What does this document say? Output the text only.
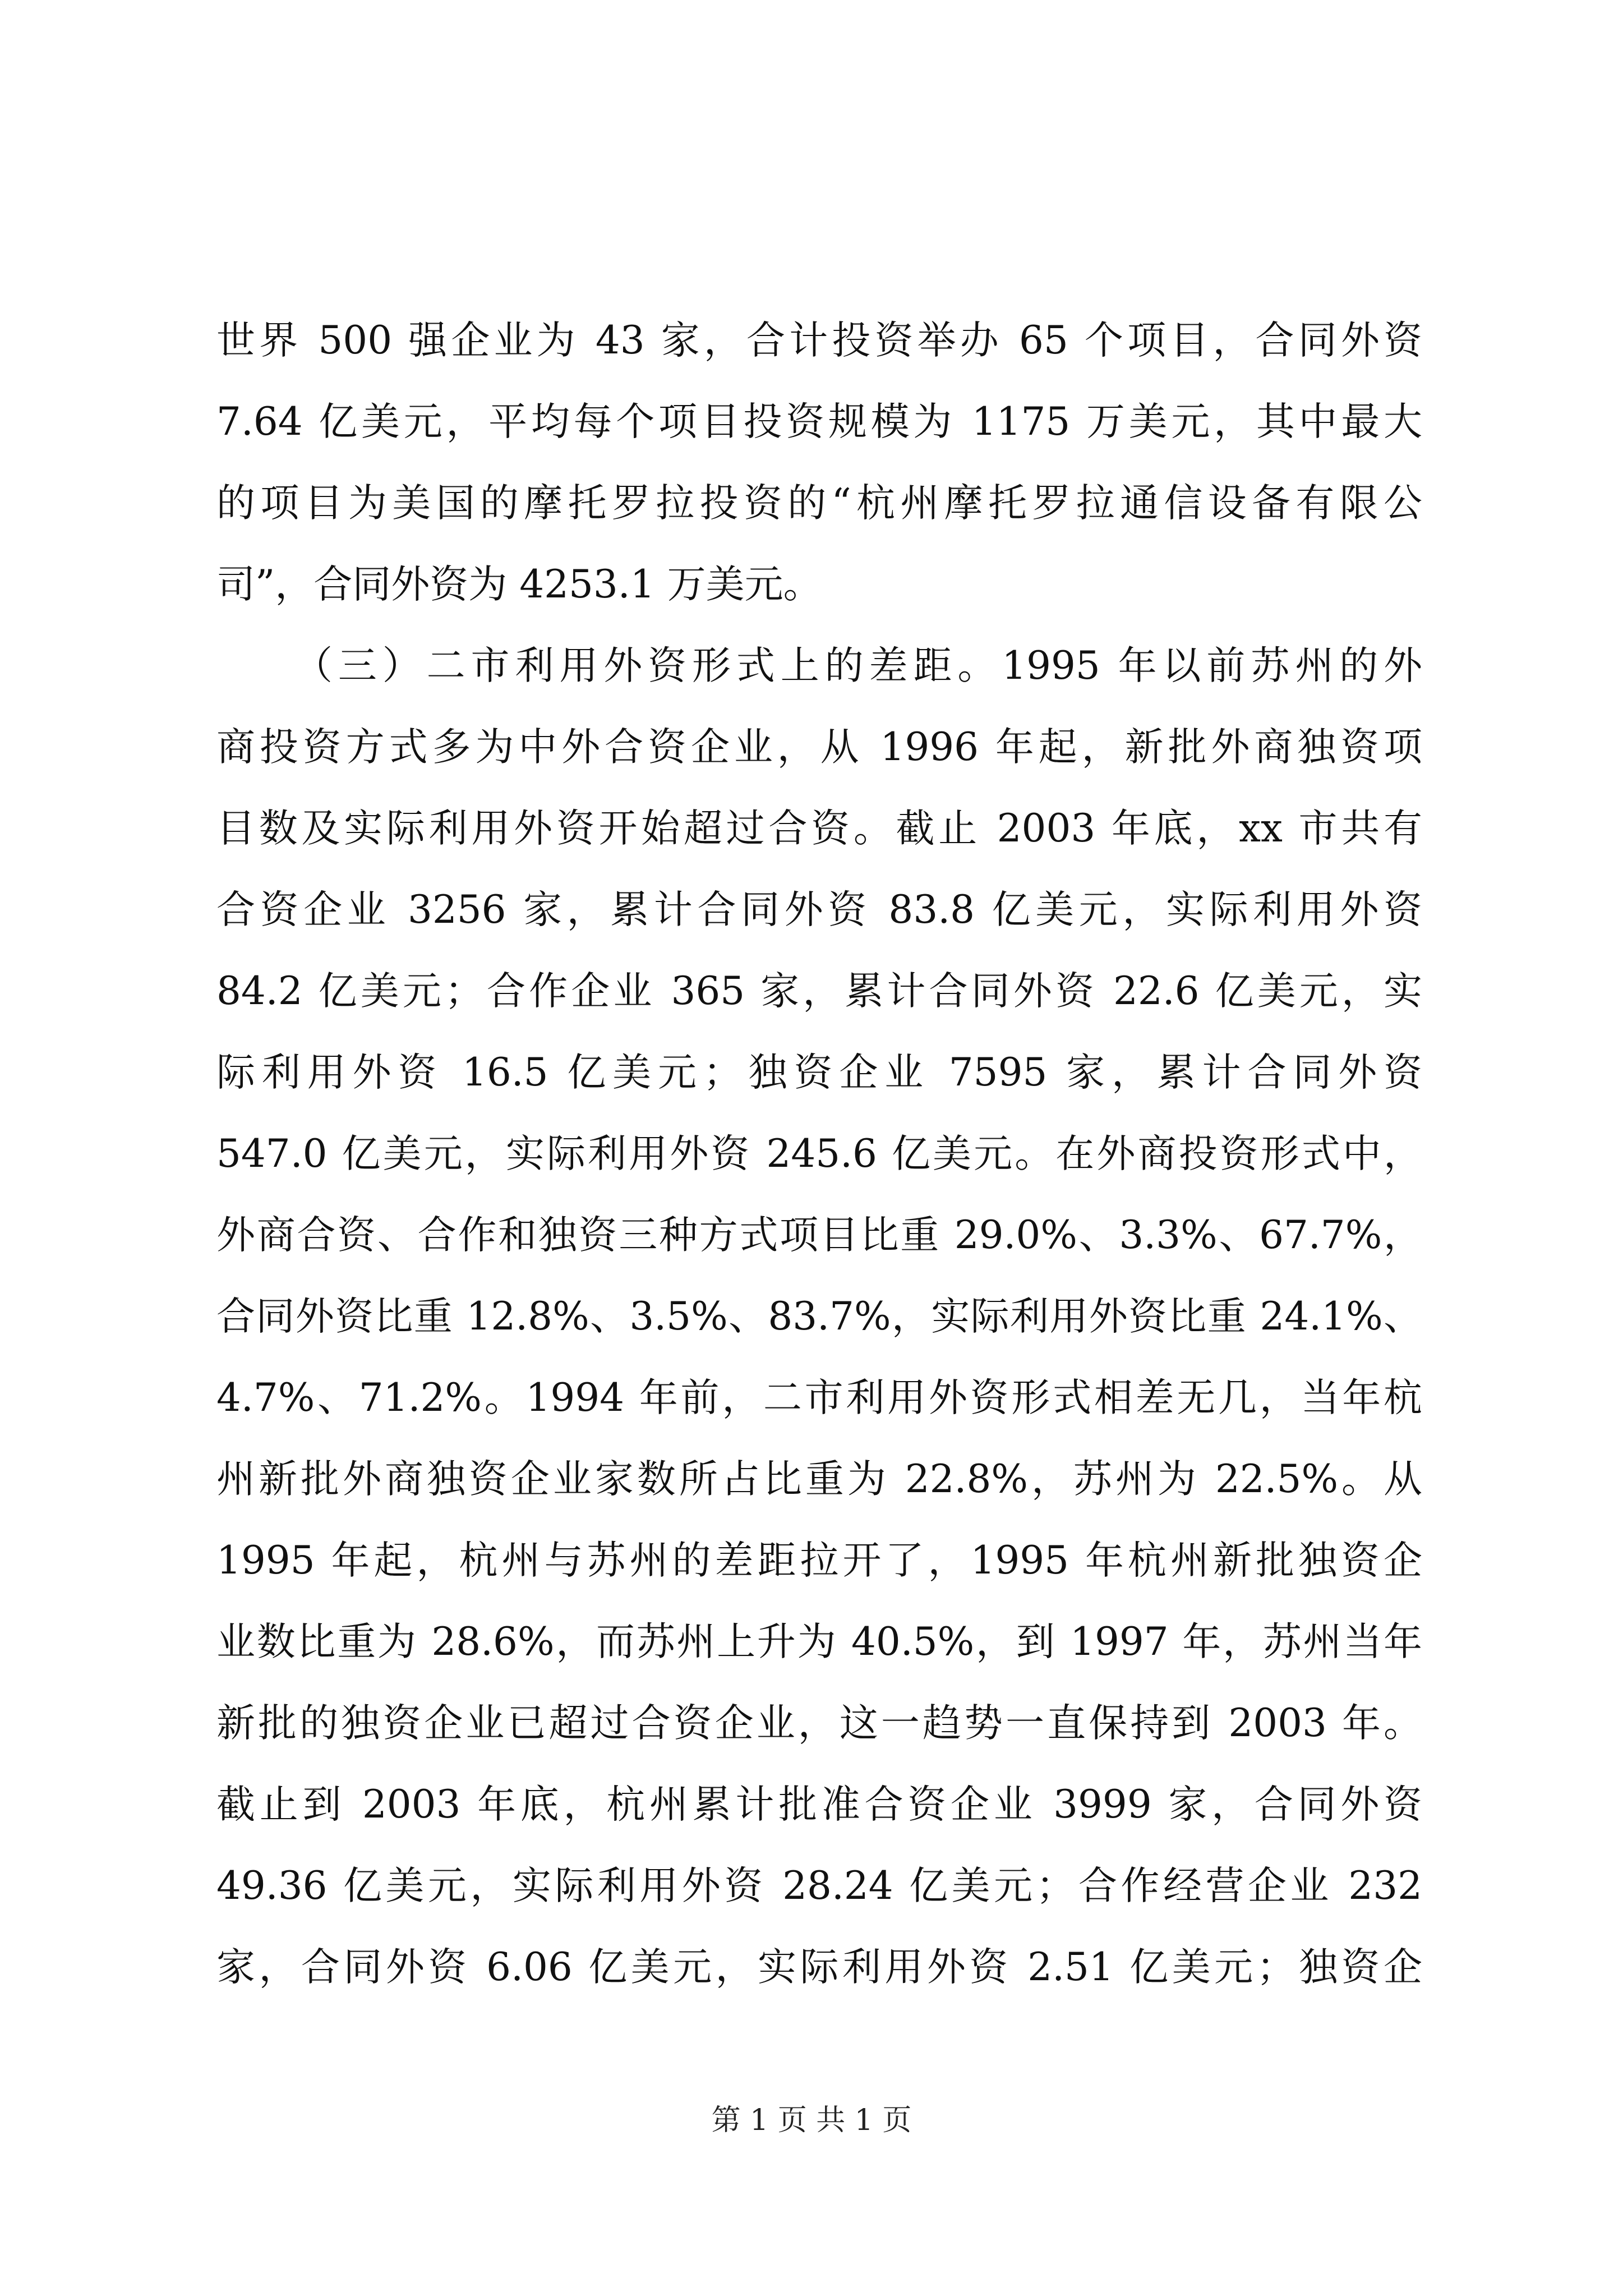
世界 500 强企业为 43 家，合计投资举办 65 个项目，合同外资
7.64 亿美元，平均每个项目投资规模为 1175 万美元，其中最大
的项目为美国的摩托罗拉投资的“杭州摩托罗拉通信设备有限公
司”，合同外资为 4253.1 万美元。
（三）二市利用外资形式上的差距。1995 年以前苏州的外
商投资方式多为中外合资企业，从 1996 年起，新批外商独资项
目数及实际利用外资开始超过合资。截止 2003 年底，xx 市共有
合资企业 3256 家，累计合同外资 83.8 亿美元，实际利用外资
84.2 亿美元；合作企业 365 家，累计合同外资 22.6 亿美元，实
际利用外资 16.5 亿美元；独资企业 7595 家，累计合同外资
547.0 亿美元，实际利用外资 245.6 亿美元。在外商投资形式中，
外商合资、合作和独资三种方式项目比重 29.0%、3.3%、67.7%，
合同外资比重 12.8%、3.5%、83.7%，实际利用外资比重 24.1%、
4.7%、71.2%。1994 年前，二市利用外资形式相差无几，当年杭
州新批外商独资企业家数所占比重为 22.8%，苏州为 22.5%。从
1995 年起，杭州与苏州的差距拉开了，1995 年杭州新批独资企
业数比重为 28.6%，而苏州上升为 40.5%，到 1997 年，苏州当年
新批的独资企业已超过合资企业，这一趋势一直保持到 2003 年。
截止到 2003 年底，杭州累计批准合资企业 3999 家，合同外资
49.36 亿美元，实际利用外资 28.24 亿美元；合作经营企业 232
家，合同外资 6.06 亿美元，实际利用外资 2.51 亿美元；独资企
第 1 页 共 1 页
